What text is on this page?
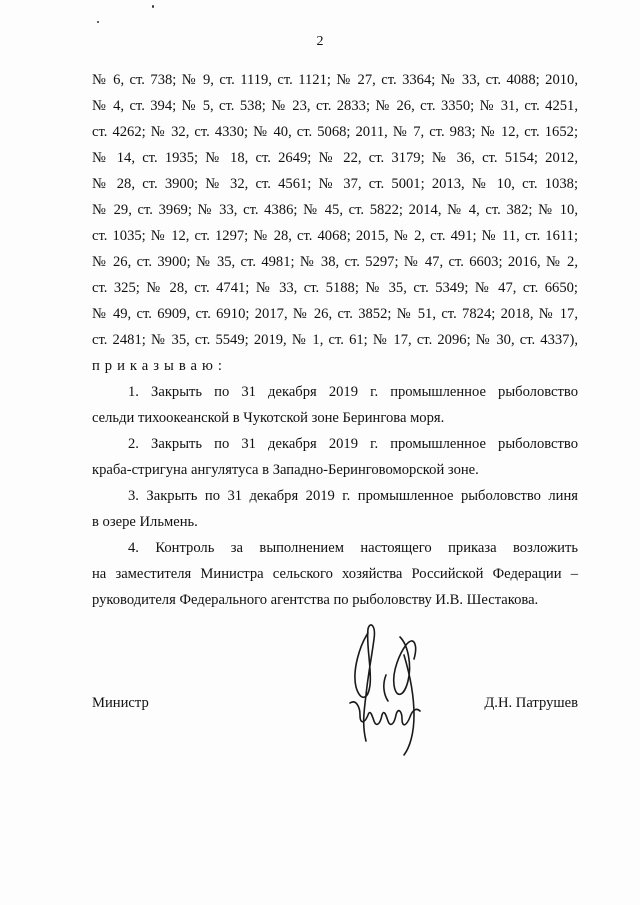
2
№ 6, ст. 738; № 9, ст. 1119, ст. 1121; № 27, ст. 3364; № 33, ст. 4088; 2010,
№ 4, ст. 394; № 5, ст. 538; № 23, ст. 2833; № 26, ст. 3350; № 31, ст. 4251,
ст. 4262; № 32, ст. 4330; № 40, ст. 5068; 2011, № 7, ст. 983; № 12, ст. 1652;
№ 14, ст. 1935; № 18, ст. 2649; № 22, ст. 3179; № 36, ст. 5154; 2012,
№ 28, ст. 3900; № 32, ст. 4561; № 37, ст. 5001; 2013, № 10, ст. 1038;
№ 29, ст. 3969; № 33, ст. 4386; № 45, ст. 5822; 2014, № 4, ст. 382; № 10,
ст. 1035; № 12, ст. 1297; № 28, ст. 4068; 2015, № 2, ст. 491; № 11, ст. 1611;
№ 26, ст. 3900; № 35, ст. 4981; № 38, ст. 5297; № 47, ст. 6603; 2016, № 2,
ст. 325; № 28, ст. 4741; № 33, ст. 5188; № 35, ст. 5349; № 47, ст. 6650;
№ 49, ст. 6909, ст. 6910; 2017, № 26, ст. 3852; № 51, ст. 7824; 2018, № 17,
ст. 2481; № 35, ст. 5549; 2019, № 1, ст. 61; № 17, ст. 2096; № 30, ст. 4337),
приказываю:
1. Закрыть по 31 декабря 2019 г. промышленное рыболовство
сельди тихоокеанской в Чукотской зоне Берингова моря.
2. Закрыть по 31 декабря 2019 г. промышленное рыболовство
краба-стригуна ангулятуса в Западно-Беринговоморской зоне.
3. Закрыть по 31 декабря 2019 г. промышленное рыболовство линя
в озере Ильмень.
4. Контроль за выполнением настоящего приказа возложить
на заместителя Министра сельского хозяйства Российской Федерации –
руководителя Федерального агентства по рыболовству И.В. Шестакова.
Министр	Д.Н. Патрушев
